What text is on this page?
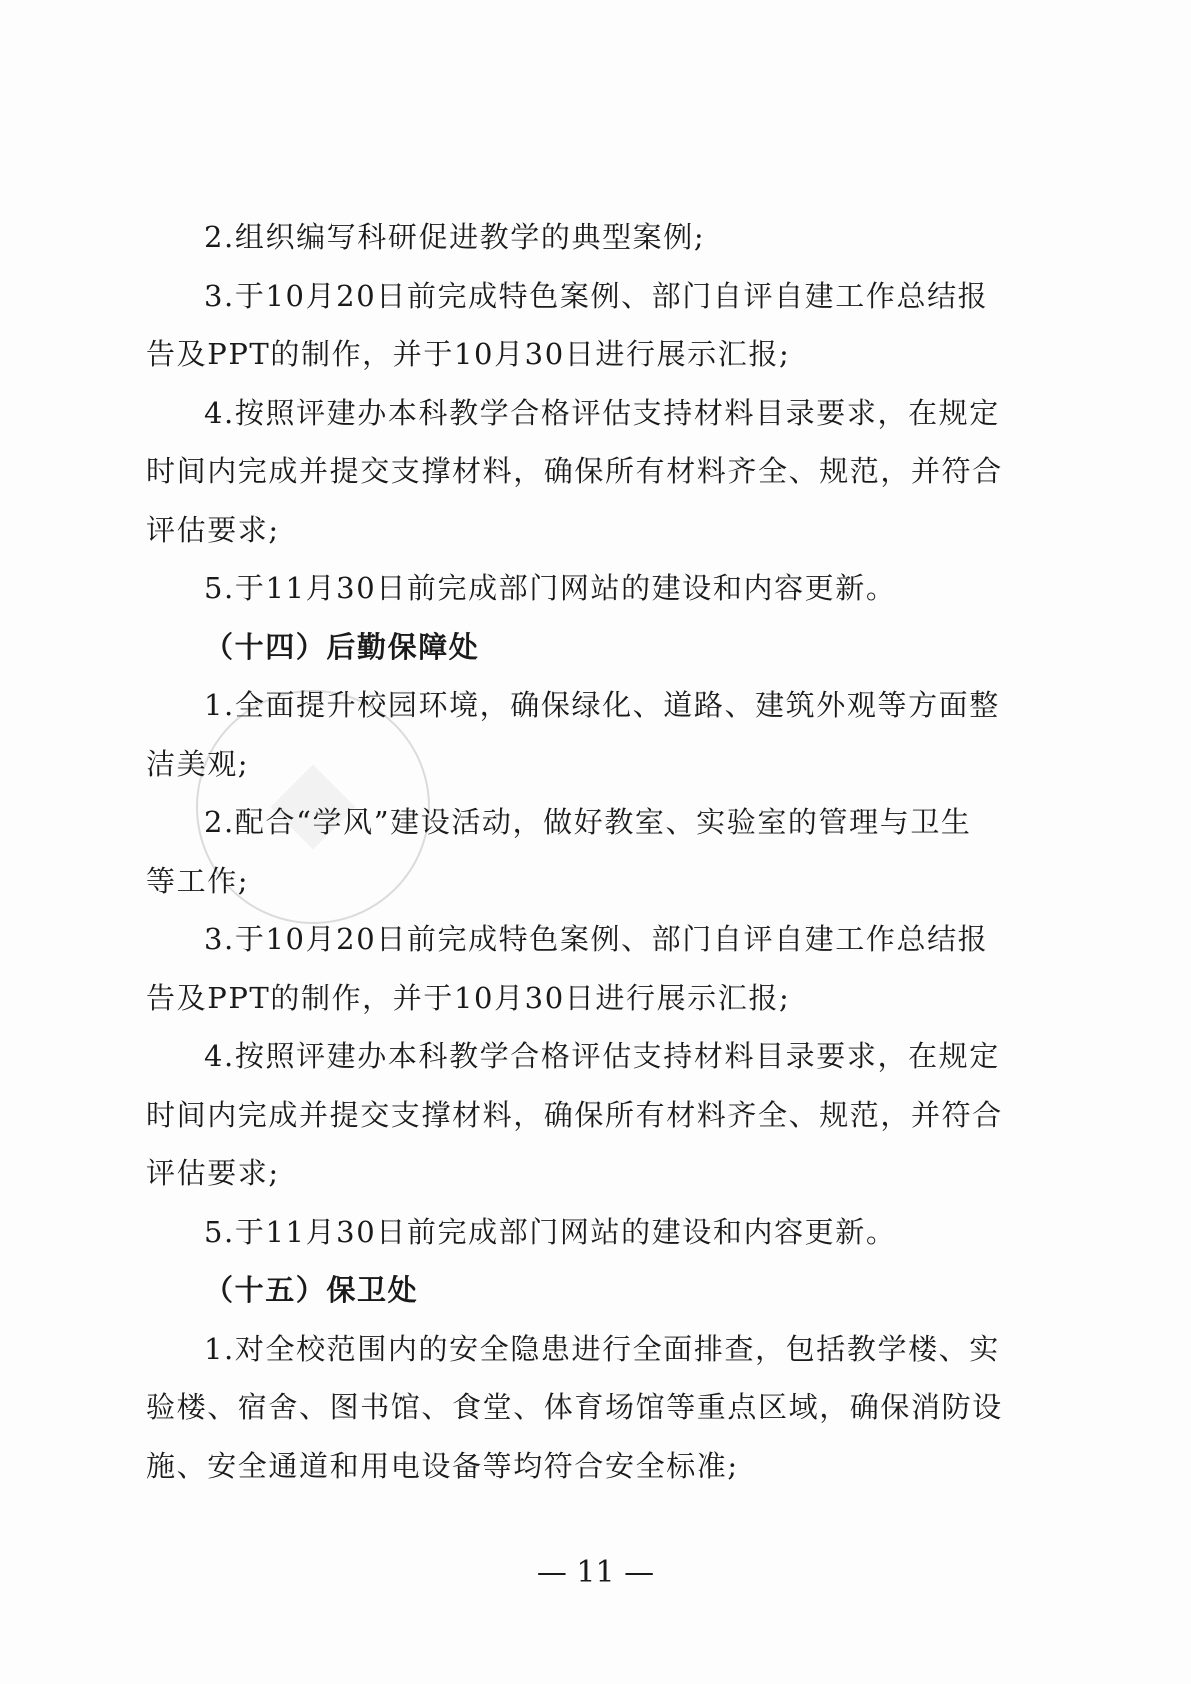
2.组织编写科研促进教学的典型案例;
3.于10月20日前完成特色案例、部门自评自建工作总结报
告及PPT的制作，并于10月30日进行展示汇报;
4.按照评建办本科教学合格评估支持材料目录要求，在规定
时间内完成并提交支撑材料，确保所有材料齐全、规范，并符合
评估要求;
5.于11月30日前完成部门网站的建设和内容更新。
（十四）后勤保障处
1.全面提升校园环境，确保绿化、道路、建筑外观等方面整
洁美观;
2.配合“学风”建设活动，做好教室、实验室的管理与卫生
等工作;
3.于10月20日前完成特色案例、部门自评自建工作总结报
告及PPT的制作，并于10月30日进行展示汇报;
4.按照评建办本科教学合格评估支持材料目录要求，在规定
时间内完成并提交支撑材料，确保所有材料齐全、规范，并符合
评估要求;
5.于11月30日前完成部门网站的建设和内容更新。
（十五）保卫处
1.对全校范围内的安全隐患进行全面排查，包括教学楼、实
验楼、宿舍、图书馆、食堂、体育场馆等重点区域，确保消防设
施、安全通道和用电设备等均符合安全标准;
— 11 —
